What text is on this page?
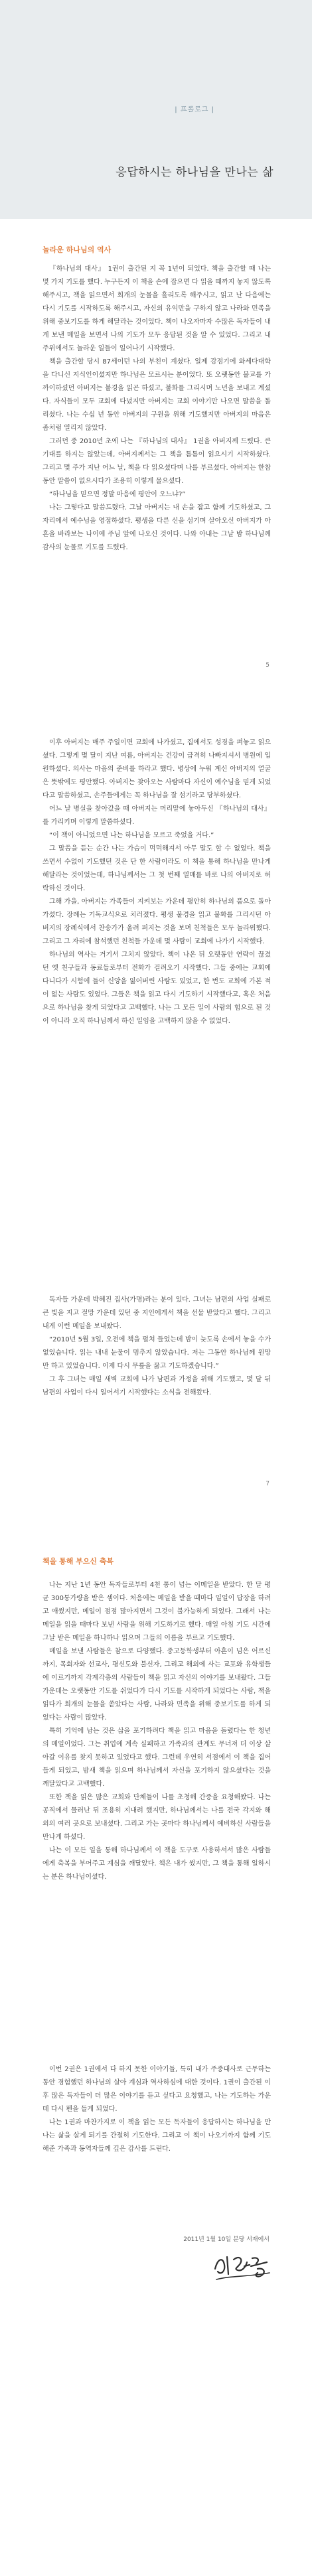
| 프롤로그 |
응답하시는 하나님을 만나는 삶
놀라운 하나님의 역사

『하나님의 대사』 1권이 출간된 지 꼭 1년이 되었다. 책을 출간할 때 나는 몇 가지 기도를 했다. 누구든지 이 책을 손에 잡으면 다 읽을 때까지 놓지 않도록 해주시고, 책을 읽으면서 회개의 눈물을 흘리도록 해주시고, 읽고 난 다음에는 다시 기도를 시작하도록 해주시고, 자신의 유익만을 구하지 않고 나라와 민족을 위해 중보기도를 하게 해달라는 것이었다. 책이 나오자마자 수많은 독자들이 내게 보낸 메일을 보면서 나의 기도가 모두 응답된 것을 알 수 있었다. 그리고 내 주위에서도 놀라운 일들이 일어나기 시작했다.

책을 출간할 당시 87세이던 나의 부친이 계셨다. 일제 강점기에 와세다대학을 다니신 지식인이셨지만 하나님은 모르시는 분이었다. 또 오랫동안 불교를 가까이하셨던 아버지는 불경을 읽곤 하셨고, 불화를 그리시며 노년을 보내고 계셨다. 자식들이 모두 교회에 다녔지만 아버지는 교회 이야기만 나오면 말씀을 돌리셨다. 나는 수십 년 동안 아버지의 구원을 위해 기도했지만 아버지의 마음은 좀처럼 열리지 않았다.

그러던 중 2010년 초에 나는 『하나님의 대사』 1권을 아버지께 드렸다. 큰 기대를 하지는 않았는데, 아버지께서는 그 책을 틈틈이 읽으시기 시작하셨다. 그리고 몇 주가 지난 어느 날, 책을 다 읽으셨다며 나를 부르셨다. 아버지는 한참 동안 말씀이 없으시다가 조용히 이렇게 물으셨다.

“하나님을 믿으면 정말 마음에 평안이 오느냐?”

나는 그렇다고 말씀드렸다. 그날 아버지는 내 손을 잡고 함께 기도하셨고, 그 자리에서 예수님을 영접하셨다. 평생을 다른 신을 섬기며 살아오신 아버지가 아흔을 바라보는 나이에 주님 앞에 나오신 것이다. 나와 아내는 그날 밤 하나님께 감사의 눈물로 기도를 드렸다.

5

이후 아버지는 매주 주일이면 교회에 나가셨고, 집에서도 성경을 펴놓고 읽으셨다. 그렇게 몇 달이 지난 여름, 아버지는 건강이 급격히 나빠지셔서 병원에 입원하셨다. 의사는 마음의 준비를 하라고 했다. 병상에 누워 계신 아버지의 얼굴은 뜻밖에도 평안했다. 아버지는 찾아오는 사람마다 자신이 예수님을 믿게 되었다고 말씀하셨고, 손주들에게는 꼭 하나님을 잘 섬기라고 당부하셨다.

어느 날 병실을 찾아갔을 때 아버지는 머리맡에 놓아두신 『하나님의 대사』를 가리키며 이렇게 말씀하셨다.

“이 책이 아니었으면 나는 하나님을 모르고 죽었을 거다.”

그 말씀을 듣는 순간 나는 가슴이 먹먹해져서 아무 말도 할 수 없었다. 책을 쓰면서 수없이 기도했던 것은 단 한 사람이라도 이 책을 통해 하나님을 만나게 해달라는 것이었는데, 하나님께서는 그 첫 번째 열매를 바로 나의 아버지로 허락하신 것이다.

그해 가을, 아버지는 가족들이 지켜보는 가운데 평안히 하나님의 품으로 돌아가셨다. 장례는 기독교식으로 치러졌다. 평생 불경을 읽고 불화를 그리시던 아버지의 장례식에서 찬송가가 울려 퍼지는 것을 보며 친척들은 모두 놀라워했다. 그리고 그 자리에 참석했던 친척들 가운데 몇 사람이 교회에 나가기 시작했다.

하나님의 역사는 거기서 그치지 않았다. 책이 나온 뒤 오랫동안 연락이 끊겼던 옛 친구들과 동료들로부터 전화가 걸려오기 시작했다. 그들 중에는 교회에 다니다가 시험에 들어 신앙을 잃어버린 사람도 있었고, 한 번도 교회에 가본 적이 없는 사람도 있었다. 그들은 책을 읽고 다시 기도하기 시작했다고, 혹은 처음으로 하나님을 찾게 되었다고 고백했다. 나는 그 모든 일이 사람의 힘으로 된 것이 아니라 오직 하나님께서 하신 일임을 고백하지 않을 수 없었다.

독자들 가운데 박혜진 집사(가명)라는 분이 있다. 그녀는 남편의 사업 실패로 큰 빚을 지고 절망 가운데 있던 중 지인에게서 책을 선물 받았다고 했다. 그리고 내게 이런 메일을 보내왔다.

“2010년 5월 3일, 오전에 책을 펼쳐 들었는데 밤이 늦도록 손에서 놓을 수가 없었습니다. 읽는 내내 눈물이 멈추지 않았습니다. 저는 그동안 하나님께 원망만 하고 있었습니다. 이제 다시 무릎을 꿇고 기도하겠습니다.”

그 후 그녀는 매일 새벽 교회에 나가 남편과 가정을 위해 기도했고, 몇 달 뒤 남편의 사업이 다시 일어서기 시작했다는 소식을 전해왔다.

7
책을 통해 부으신 축복

나는 지난 1년 동안 독자들로부터 4천 통이 넘는 이메일을 받았다. 한 달 평균 300통가량을 받은 셈이다. 처음에는 메일을 받을 때마다 일일이 답장을 하려고 애썼지만, 메일이 점점 많아지면서 그것이 불가능하게 되었다. 그래서 나는 메일을 읽을 때마다 보낸 사람을 위해 기도하기로 했다. 매일 아침 기도 시간에 그날 받은 메일을 하나하나 읽으며 그들의 이름을 부르고 기도했다.

메일을 보낸 사람들은 참으로 다양했다. 중고등학생부터 아흔이 넘은 어르신까지, 목회자와 선교사, 평신도와 불신자, 그리고 해외에 사는 교포와 유학생들에 이르기까지 각계각층의 사람들이 책을 읽고 자신의 이야기를 보내왔다. 그들 가운데는 오랫동안 기도를 쉬었다가 다시 기도를 시작하게 되었다는 사람, 책을 읽다가 회개의 눈물을 쏟았다는 사람, 나라와 민족을 위해 중보기도를 하게 되었다는 사람이 많았다.

특히 기억에 남는 것은 삶을 포기하려다 책을 읽고 마음을 돌렸다는 한 청년의 메일이었다. 그는 취업에 계속 실패하고 가족과의 관계도 무너져 더 이상 살아갈 이유를 찾지 못하고 있었다고 했다. 그런데 우연히 서점에서 이 책을 집어 들게 되었고, 밤새 책을 읽으며 하나님께서 자신을 포기하지 않으셨다는 것을 깨달았다고 고백했다.

또한 책을 읽은 많은 교회와 단체들이 나를 초청해 간증을 요청해왔다. 나는 공직에서 물러난 뒤 조용히 지내려 했지만, 하나님께서는 나를 전국 각지와 해외의 여러 곳으로 보내셨다. 그리고 가는 곳마다 하나님께서 예비하신 사람들을 만나게 하셨다.

나는 이 모든 일을 통해 하나님께서 이 책을 도구로 사용하셔서 많은 사람들에게 축복을 부어주고 계심을 깨달았다. 책은 내가 썼지만, 그 책을 통해 일하시는 분은 하나님이셨다.

이번 2권은 1권에서 다 하지 못한 이야기들, 특히 내가 주중대사로 근무하는 동안 경험했던 하나님의 살아 계심과 역사하심에 대한 것이다. 1권이 출간된 이후 많은 독자들이 더 많은 이야기를 듣고 싶다고 요청했고, 나는 기도하는 가운데 다시 펜을 들게 되었다.

나는 1권과 마찬가지로 이 책을 읽는 모든 독자들이 응답하시는 하나님을 만나는 삶을 살게 되기를 간절히 기도한다. 그리고 이 책이 나오기까지 함께 기도해준 가족과 동역자들께 깊은 감사를 드린다.

2011년 1월 10일 분당 서재에서
